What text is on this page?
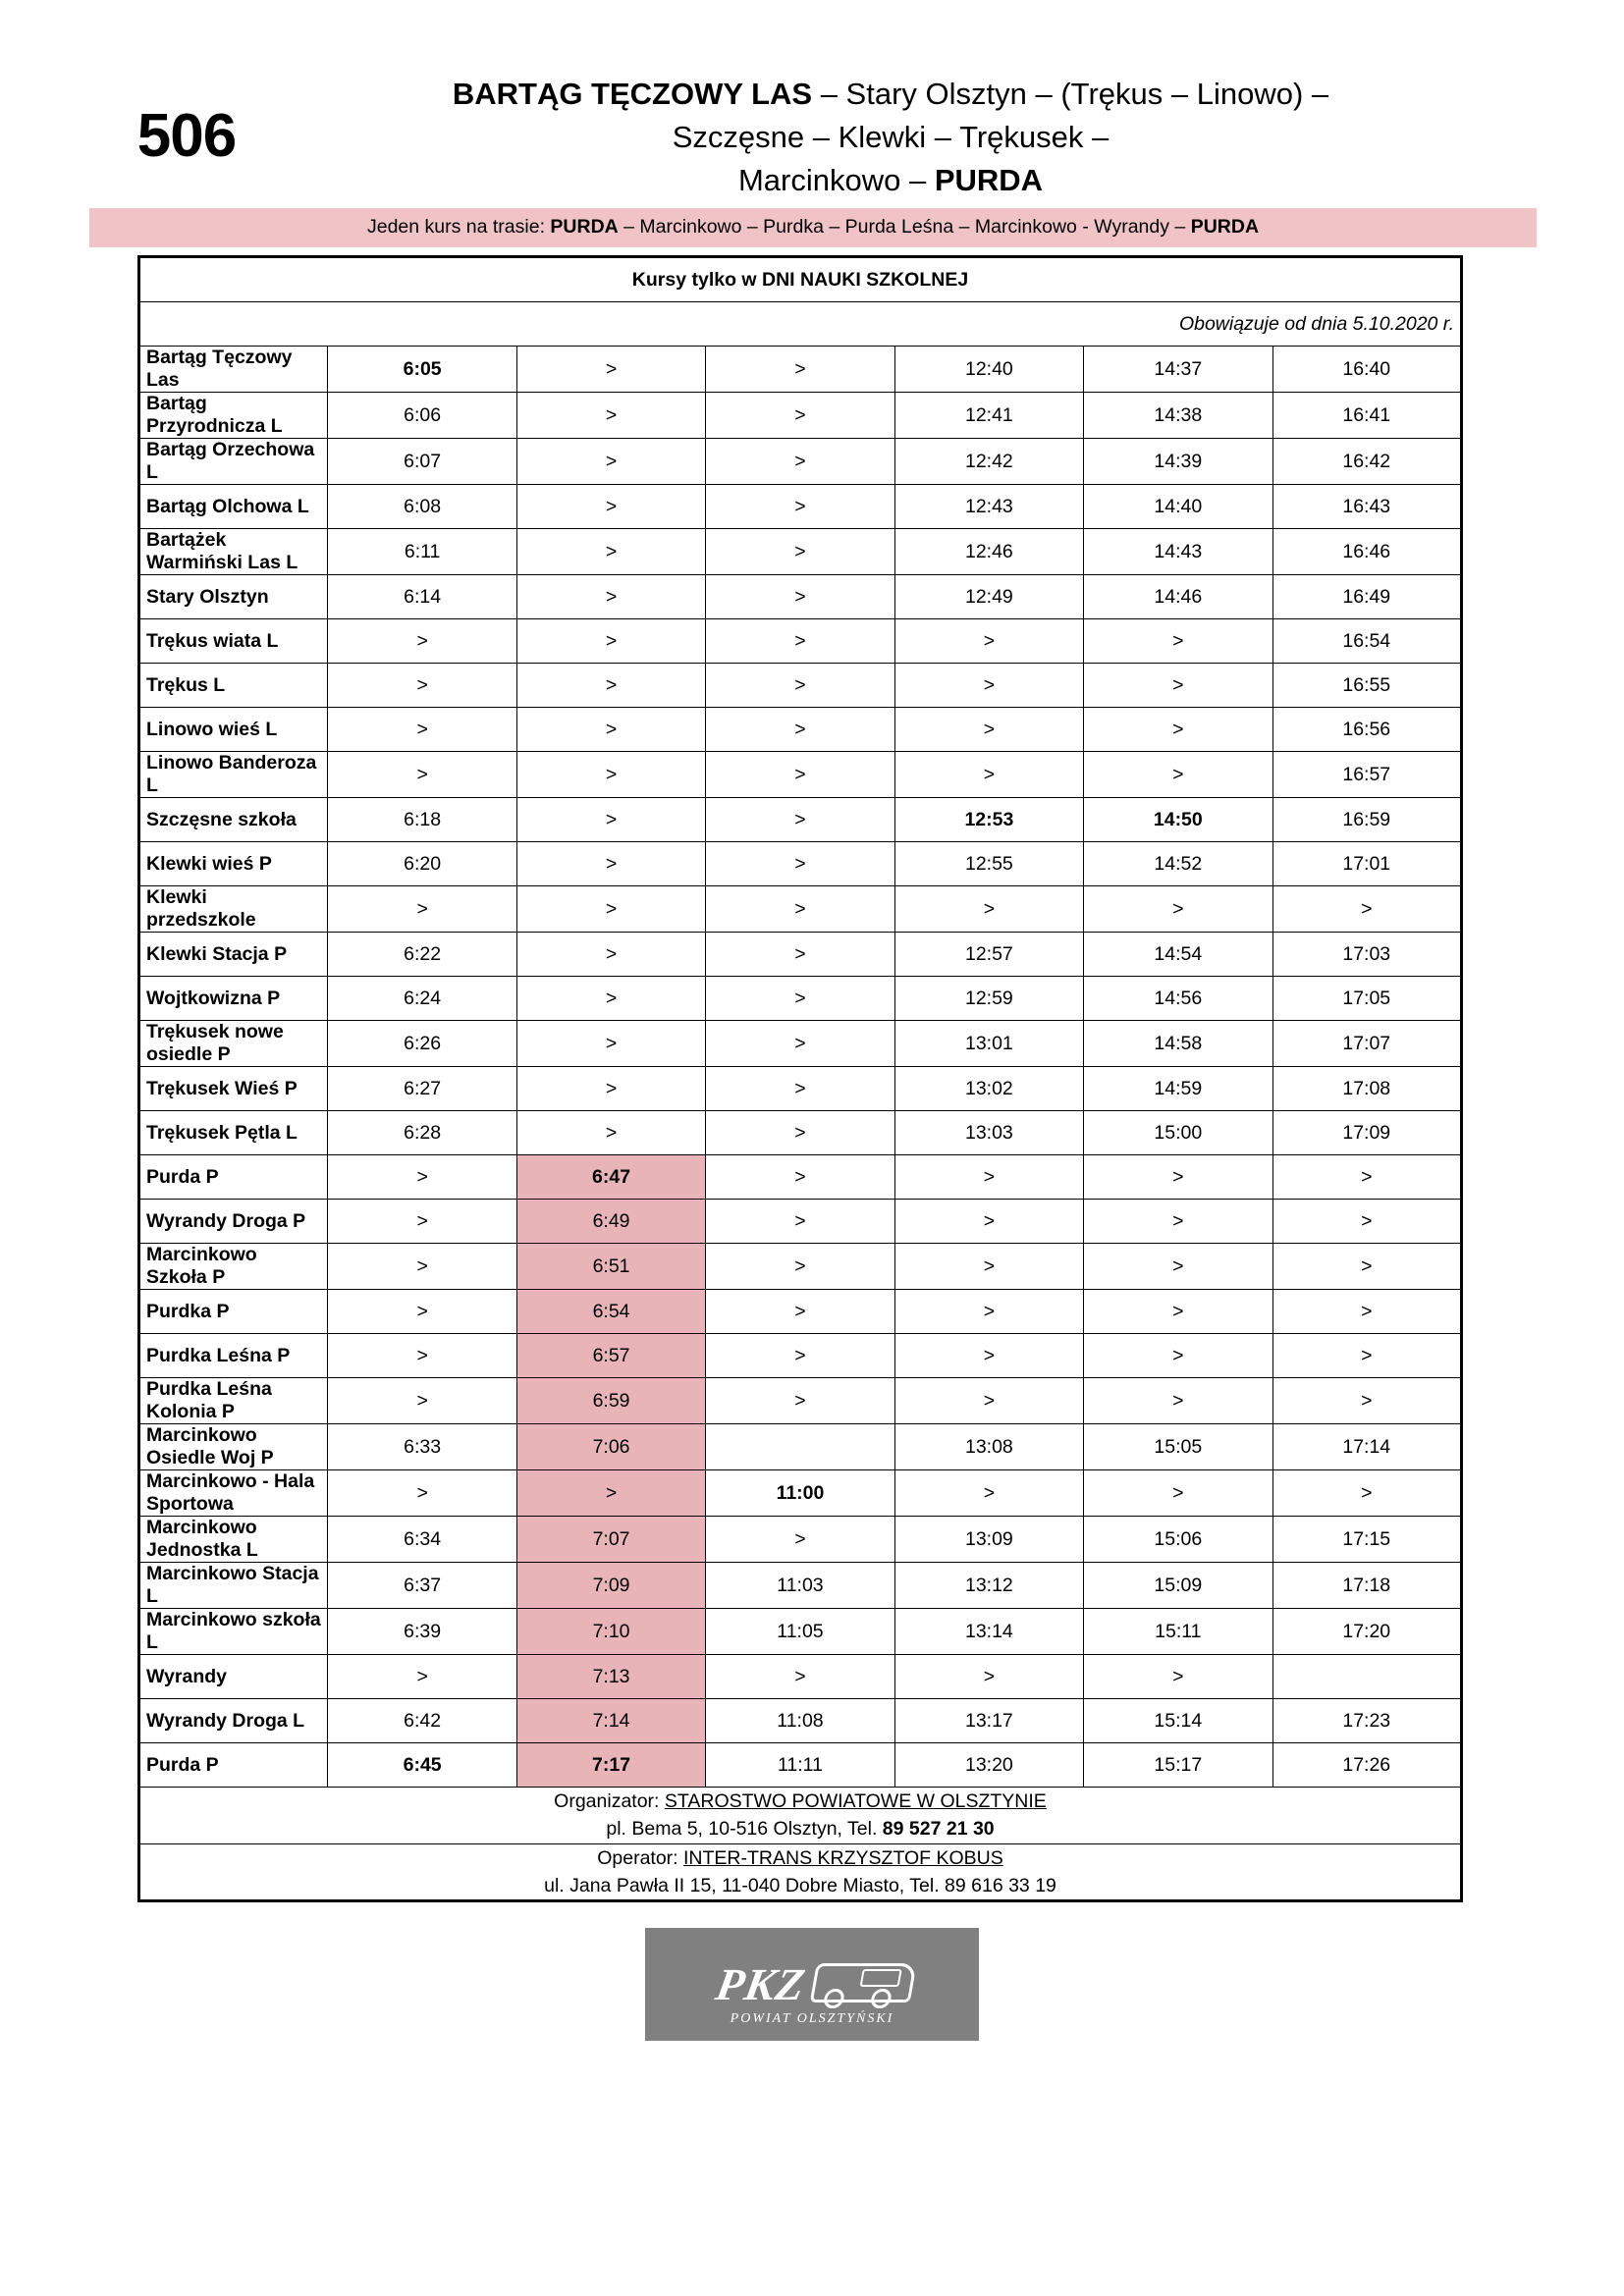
506
BARTĄG TĘCZOWY LAS – Stary Olsztyn – (Trękus – Linowo) –
Szczęsne – Klewki – Trękusek –
Marcinkowo – PURDA
Jeden kurs na trasie: PURDA – Marcinkowo – Purdka – Purda Leśna – Marcinkowo - Wyrandy – PURDA
Kursy tylko w DNI NAUKI SZKOLNEJ						
Obowiązuje od dnia 5.10.2020 r.						
Bartąg Tęczowy Las	6:05	>	>	12:40	14:37	16:40
Bartąg Przyrodnicza L	6:06	>	>	12:41	14:38	16:41
Bartąg Orzechowa L	6:07	>	>	12:42	14:39	16:42
Bartąg Olchowa L	6:08	>	>	12:43	14:40	16:43
Bartążek Warmiński Las L	6:11	>	>	12:46	14:43	16:46
Stary Olsztyn	6:14	>	>	12:49	14:46	16:49
Trękus wiata L	>	>	>	>	>	16:54
Trękus L	>	>	>	>	>	16:55
Linowo wieś L	>	>	>	>	>	16:56
Linowo Banderoza L	>	>	>	>	>	16:57
Szczęsne szkoła	6:18	>	>	12:53	14:50	16:59
Klewki wieś P	6:20	>	>	12:55	14:52	17:01
Klewki przedszkole	>	>	>	>	>	>
Klewki Stacja P	6:22	>	>	12:57	14:54	17:03
Wojtkowizna P	6:24	>	>	12:59	14:56	17:05
Trękusek nowe osiedle P	6:26	>	>	13:01	14:58	17:07
Trękusek Wieś P	6:27	>	>	13:02	14:59	17:08
Trękusek Pętla L	6:28	>	>	13:03	15:00	17:09
Purda P	>	6:47	>	>	>	>
Wyrandy Droga P	>	6:49	>	>	>	>
Marcinkowo Szkoła P	>	6:51	>	>	>	>
Purdka P	>	6:54	>	>	>	>
Purdka Leśna P	>	6:57	>	>	>	>
Purdka Leśna Kolonia P	>	6:59	>	>	>	>
Marcinkowo Osiedle Woj P	6:33	7:06		13:08	15:05	17:14
Marcinkowo - Hala Sportowa	>	>	11:00	>	>	>
Marcinkowo Jednostka L	6:34	7:07	>	13:09	15:06	17:15
Marcinkowo Stacja L	6:37	7:09	11:03	13:12	15:09	17:18
Marcinkowo szkoła L	6:39	7:10	11:05	13:14	15:11	17:20
Wyrandy	>	7:13	>	>	>	
Wyrandy Droga L	6:42	7:14	11:08	13:17	15:14	17:23
Purda P	6:45	7:17	11:11	13:20	15:17	17:26

Organizator: STAROSTWO POWIATOWE W OLSZTYNIE
pl. Bema 5, 10-516 Olsztyn, Tel. 89 527 21 30						

Operator: INTER-TRANS KRZYSZTOF KOBUS
ul. Jana Pawła II 15, 11-040 Dobre Miasto, Tel. 89 616 33 19						
PKZ
POWIAT OLSZTYŃSKI
